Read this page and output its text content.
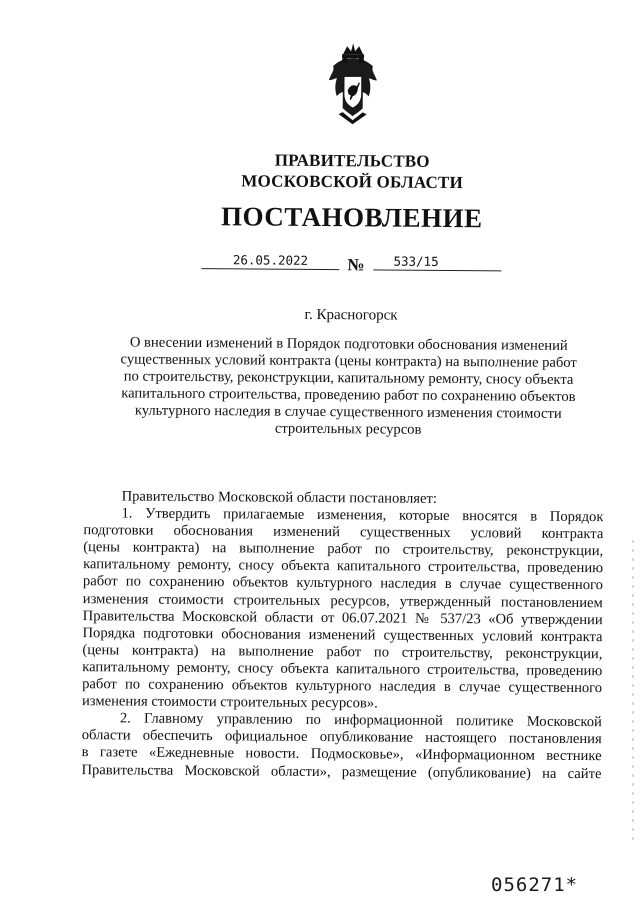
ПРАВИТЕЛЬСТВО
МОСКОВСКОЙ ОБЛАСТИ
ПОСТАНОВЛЕНИЕ
26.05.2022	№	533/15
г. Красногорск
О внесении изменений в Порядок подготовки обоснования изменений
существенных условий контракта (цены контракта) на выполнение работ
по строительству, реконструкции, капитальному ремонту, сносу объекта
капитального строительства, проведению работ по сохранению объектов
культурного наследия в случае существенного изменения стоимости
строительных ресурсов
Правительство Московской области постановляет:
1. Утвердить прилагаемые изменения, которые вносятся в Порядок
подготовки обоснования изменений существенных условий контракта
(цены контракта) на выполнение работ по строительству, реконструкции,
капитальному ремонту, сносу объекта капитального строительства, проведению
работ по сохранению объектов культурного наследия в случае существенного
изменения стоимости строительных ресурсов, утвержденный постановлением
Правительства Московской области от 06.07.2021 № 537/23 «Об утверждении
Порядка подготовки обоснования изменений существенных условий контракта
(цены контракта) на выполнение работ по строительству, реконструкции,
капитальному ремонту, сносу объекта капитального строительства, проведению
работ по сохранению объектов культурного наследия в случае существенного
изменения стоимости строительных ресурсов».
2. Главному управлению по информационной политике Московской
области обеспечить официальное опубликование настоящего постановления
в газете «Ежедневные новости. Подмосковье», «Информационном вестнике
Правительства Московской области», размещение (опубликование) на сайте
056271*
